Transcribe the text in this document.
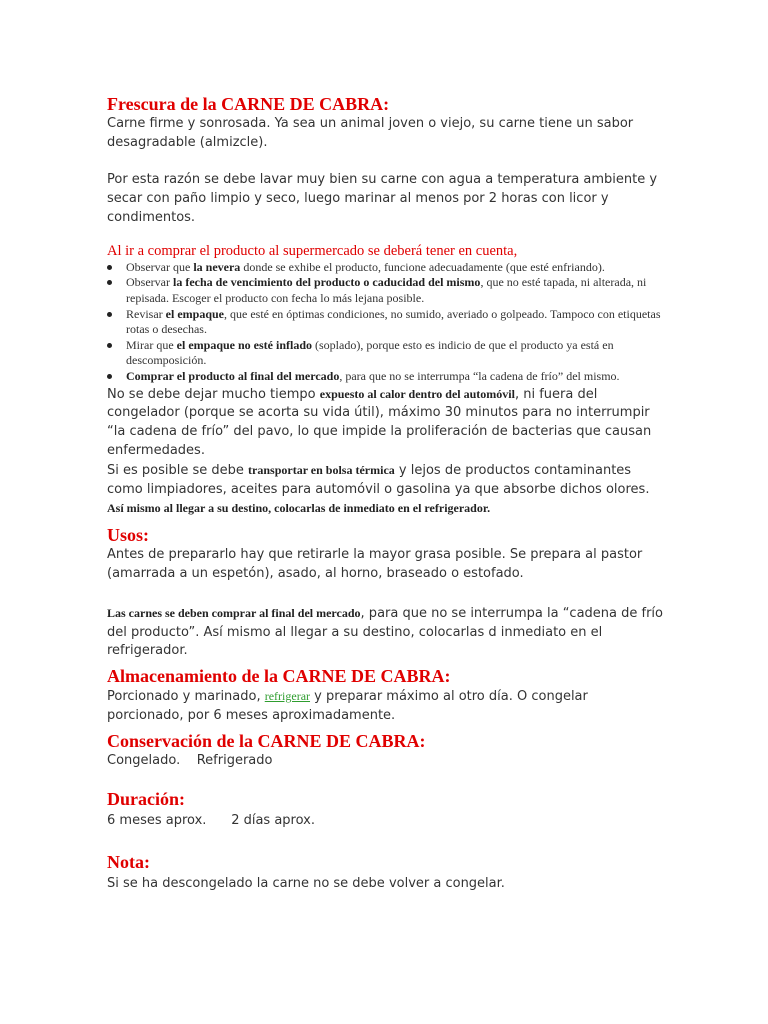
Frescura de la CARNE DE CABRA:

Carne firme y sonrosada. Ya sea un animal joven o viejo, su carne tiene un sabor desagradable (almizcle).

Por esta razón se debe lavar muy bien su carne con agua a temperatura ambiente y secar con paño limpio y seco, luego marinar al menos por 2 horas con licor y condimentos.

Al ir a comprar el producto al supermercado se deberá tener en cuenta,

Observar que la nevera donde se exhibe el producto, funcione adecuadamente (que esté enfriando).
Observar la fecha de vencimiento del producto o caducidad del mismo, que no esté tapada, ni alterada, ni repisada. Escoger el producto con fecha lo más lejana posible.
Revisar el empaque, que esté en óptimas condiciones, no sumido, averiado o golpeado. Tampoco con etiquetas rotas o desechas.
Mirar que el empaque no esté inflado (soplado), porque esto es indicio de que el producto ya está en descomposición.
Comprar el producto al final del mercado, para que no se interrumpa “la cadena de frío” del mismo.

No se debe dejar mucho tiempo expuesto al calor dentro del automóvil, ni fuera del congelador (porque se acorta su vida útil), máximo 30 minutos para no interrumpir “la cadena de frío” del pavo, lo que impide la proliferación de bacterias que causan enfermedades.

Si es posible se debe transportar en bolsa térmica y lejos de productos contaminantes como limpiadores, aceites para automóvil o gasolina ya que absorbe dichos olores.

Así mismo al llegar a su destino, colocarlas de inmediato en el refrigerador.

Usos:

Antes de prepararlo hay que retirarle la mayor grasa posible. Se prepara al pastor (amarrada a un espetón), asado, al horno, braseado o estofado.

Las carnes se deben comprar al final del mercado, para que no se interrumpa la “cadena de frío del producto”. Así mismo al llegar a su destino, colocarlas d inmediato en el refrigerador.

Almacenamiento de la CARNE DE CABRA:

Porcionado y marinado, refrigerar y preparar máximo al otro día. O congelar porcionado, por 6 meses aproximadamente.

Conservación de la CARNE DE CABRA:

Congelado.    Refrigerado

Duración:

6 meses aprox.      2 días aprox.

Nota:

Si se ha descongelado la carne no se debe volver a congelar.
